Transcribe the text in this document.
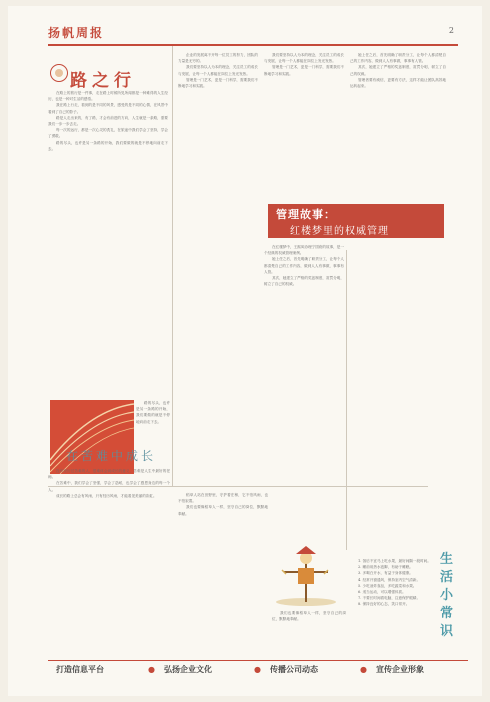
扬帆周报	2
路之行

在路上的旅行是一件事，走在路上时候所见所闻都是一种难得的人生经历，也是一种对生活的感悟。

我在路上行走，看到的是不同的风景，感受的是不同的心情，在风景中看到了自己的影子。

路是人走出来的，有了路，才会有前进的方向，人生就是一条路，需要我们一步一步去走。

每一次的远行，都是一次心灵的洗礼，在旅途中我们学会了坚持，学会了勇敢。

路的尽头，也许是另一条路的开始，我们要做的就是不停地向前走下去。

路的尽头，也许是另一条路的开始，我们要做的就是不停地向前走下去。

在苦难中成长

没有经历过苦难的人，很难体会到成长的意义，苦难是人生中最好的老师。

在苦难中，我们学会了坚强，学会了忍耐，也学会了感恩身边的每一个人。

成长的路上总会有风雨，只有经历风雨，才能看见美丽的彩虹。

企业的发展离不开每一位员工的努力，团队的力量是无穷的。

我们要坚持以人为本的理念，关注员工的成长与发展，让每一个人都能在岗位上发光发热。

管理是一门艺术，更是一门科学，需要我们不断地学习和实践。

我们要坚持以人为本的理念，关注员工的成长与发展，让每一个人都能在岗位上发光发热。

管理是一门艺术，更是一门科学，需要我们不断地学习和实践。

管理故事：
红楼梦里的权威管理

在红楼梦中，王熙凤协理宁国府的故事，是一个经典的权威管理案例。

她上任之后，首先明确了职责分工，让每个人都清楚自己的工作内容，做到人人有事做，事事有人管。

其次，她建立了严格的奖惩制度，赏罚分明，树立了自己的权威。

她上任之后，首先明确了职责分工，让每个人都清楚自己的工作内容，做到人人有事做，事事有人管。

其次，她建立了严格的奖惩制度，赏罚分明，树立了自己的权威。

管理者要有威信，更要有方法，这样才能让团队高效地运转起来。

稻草人站在田野里，守护着庄稼，它不怕风雨，也不怕寂寞。

我们也要像稻草人一样，坚守自己的岗位，默默地奉献。

我们也要像稻草人一样，坚守自己的岗位，默默地奉献。

1. 饭后不宜马上吃水果，最好间隔一段时间。

2. 睡前用热水泡脚，有助于睡眠。

3. 多喝白开水，有益于身体健康。

4. 经常开窗通风，保持室内空气清新。

5. 少吃油炸食品，多吃蔬菜和水果。

6. 适当运动，可以增强体质。

7. 不要长时间看电脑，注意保护眼睛。

8. 保持良好的心态，笑口常开。

生活小常识
打造信息平台	● 弘扬企业文化	● 传播公司动态	● 宣传企业形象
